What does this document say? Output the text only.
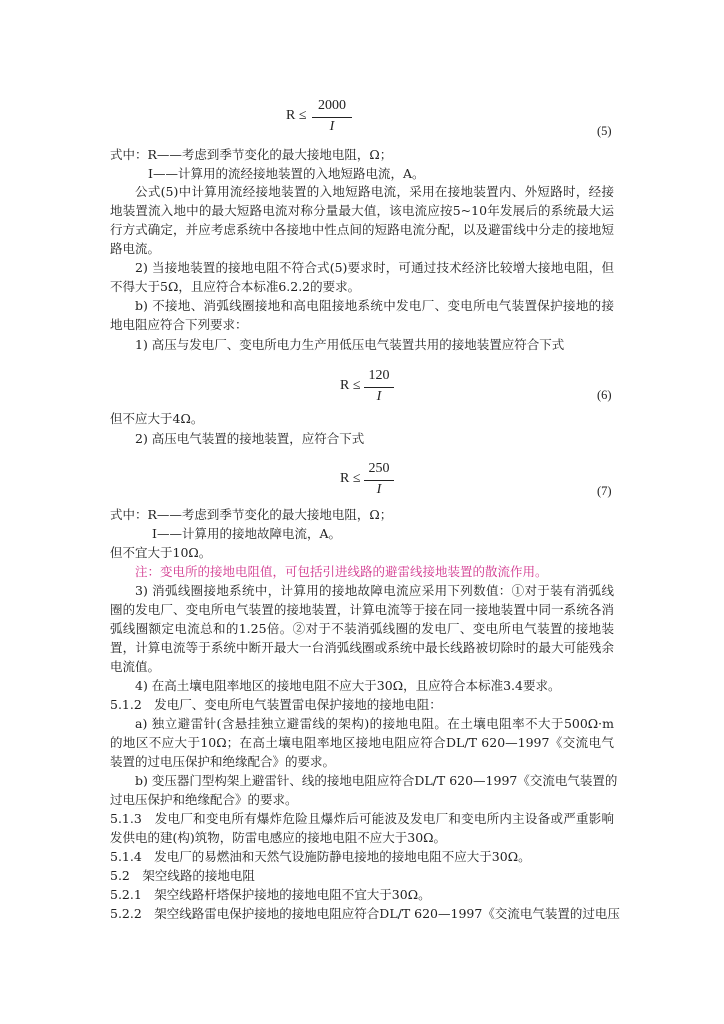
R ≤
2000
I	(5)
式中：R——考虑到季节变化的最大接地电阻，Ω；
I——计算用的流经接地装置的入地短路电流，A。
公式(5)中计算用流经接地装置的入地短路电流，采用在接地装置内、外短路时，经接
地装置流入地中的最大短路电流对称分量最大值，该电流应按5~10年发展后的系统最大运
行方式确定，并应考虑系统中各接地中性点间的短路电流分配，以及避雷线中分走的接地短
路电流。
2) 当接地装置的接地电阻不符合式(5)要求时，可通过技术经济比较增大接地电阻，但
不得大于5Ω，且应符合本标准6.2.2的要求。
b) 不接地、消弧线圈接地和高电阻接地系统中发电厂、变电所电气装置保护接地的接
地电阻应符合下列要求：
1) 高压与发电厂、变电所电力生产用低压电气装置共用的接地装置应符合下式
R ≤
120
I	(6)
但不应大于4Ω。
2) 高压电气装置的接地装置，应符合下式
R ≤
250
I	(7)
式中：R——考虑到季节变化的最大接地电阻，Ω；
I——计算用的接地故障电流，A。
但不宜大于10Ω。
注：变电所的接地电阻值，可包括引进线路的避雷线接地装置的散流作用。
3) 消弧线圈接地系统中，计算用的接地故障电流应采用下列数值：①对于装有消弧线
圈的发电厂、变电所电气装置的接地装置，计算电流等于接在同一接地装置中同一系统各消
弧线圈额定电流总和的1.25倍。②对于不装消弧线圈的发电厂、变电所电气装置的接地装
置，计算电流等于系统中断开最大一台消弧线圈或系统中最长线路被切除时的最大可能残余
电流值。
4) 在高土壤电阻率地区的接地电阻不应大于30Ω，且应符合本标准3.4要求。
5.1.2　发电厂、变电所电气装置雷电保护接地的接地电阻：
a) 独立避雷针(含悬挂独立避雷线的架构)的接地电阻。在土壤电阻率不大于500Ω·m
的地区不应大于10Ω；在高土壤电阻率地区接地电阻应符合DL/T 620—1997《交流电气
装置的过电压保护和绝缘配合》的要求。
b) 变压器门型构架上避雷针、线的接地电阻应符合DL/T 620—1997《交流电气装置的
过电压保护和绝缘配合》的要求。
5.1.3　发电厂和变电所有爆炸危险且爆炸后可能波及发电厂和变电所内主设备或严重影响
发供电的建(构)筑物，防雷电感应的接地电阻不应大于30Ω。
5.1.4　发电厂的易燃油和天然气设施防静电接地的接地电阻不应大于30Ω。
5.2　架空线路的接地电阻
5.2.1　架空线路杆塔保护接地的接地电阻不宜大于30Ω。
5.2.2　架空线路雷电保护接地的接地电阻应符合DL/T 620—1997《交流电气装置的过电压
